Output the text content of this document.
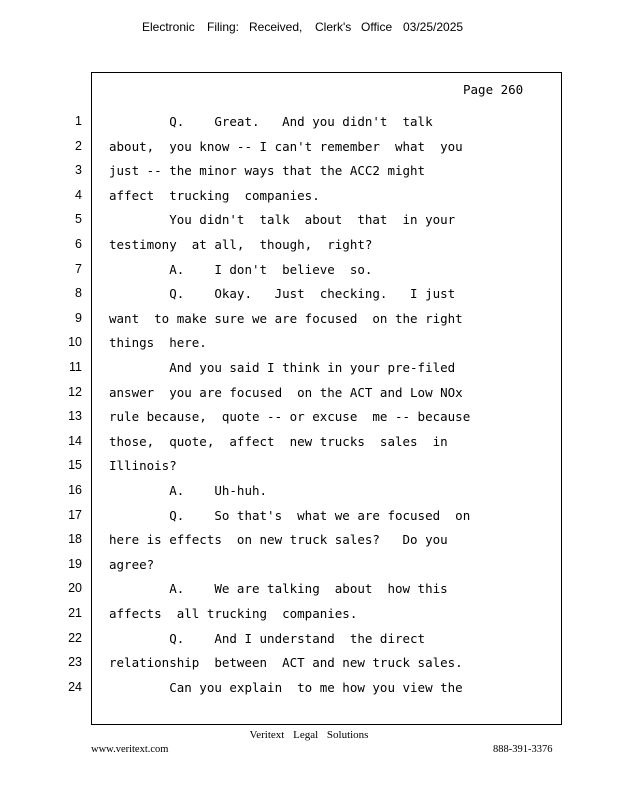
Electronic Filing: Received, Clerk's Office 03/25/2025
Page 260
1 Q.    Great.   And you didn't  talk
2 about,  you know -- I can't remember  what  you
3 just -- the minor ways that the ACC2 might
4 affect  trucking  companies.
5 You didn't  talk  about  that  in your
6 testimony  at all,  though,  right?
7 A.    I don't  believe  so.
8 Q.    Okay.   Just  checking.   I just
9 want  to make sure we are focused  on the right
10 things  here.
11 And you said I think in your pre-filed
12 answer  you are focused  on the ACT and Low NOx
13 rule because,  quote -- or excuse  me -- because
14 those,  quote,  affect  new trucks  sales  in
15 Illinois?
16 A.    Uh-huh.
17 Q.    So that's  what we are focused  on
18 here is effects  on new truck sales?   Do you
19 agree?
20 A.    We are talking  about  how this
21 affects  all trucking  companies.
22 Q.    And I understand  the direct
23 relationship  between  ACT and new truck sales.
24 Can you explain  to me how you view the
Veritext Legal Solutions
www.veritext.com	888-391-3376
